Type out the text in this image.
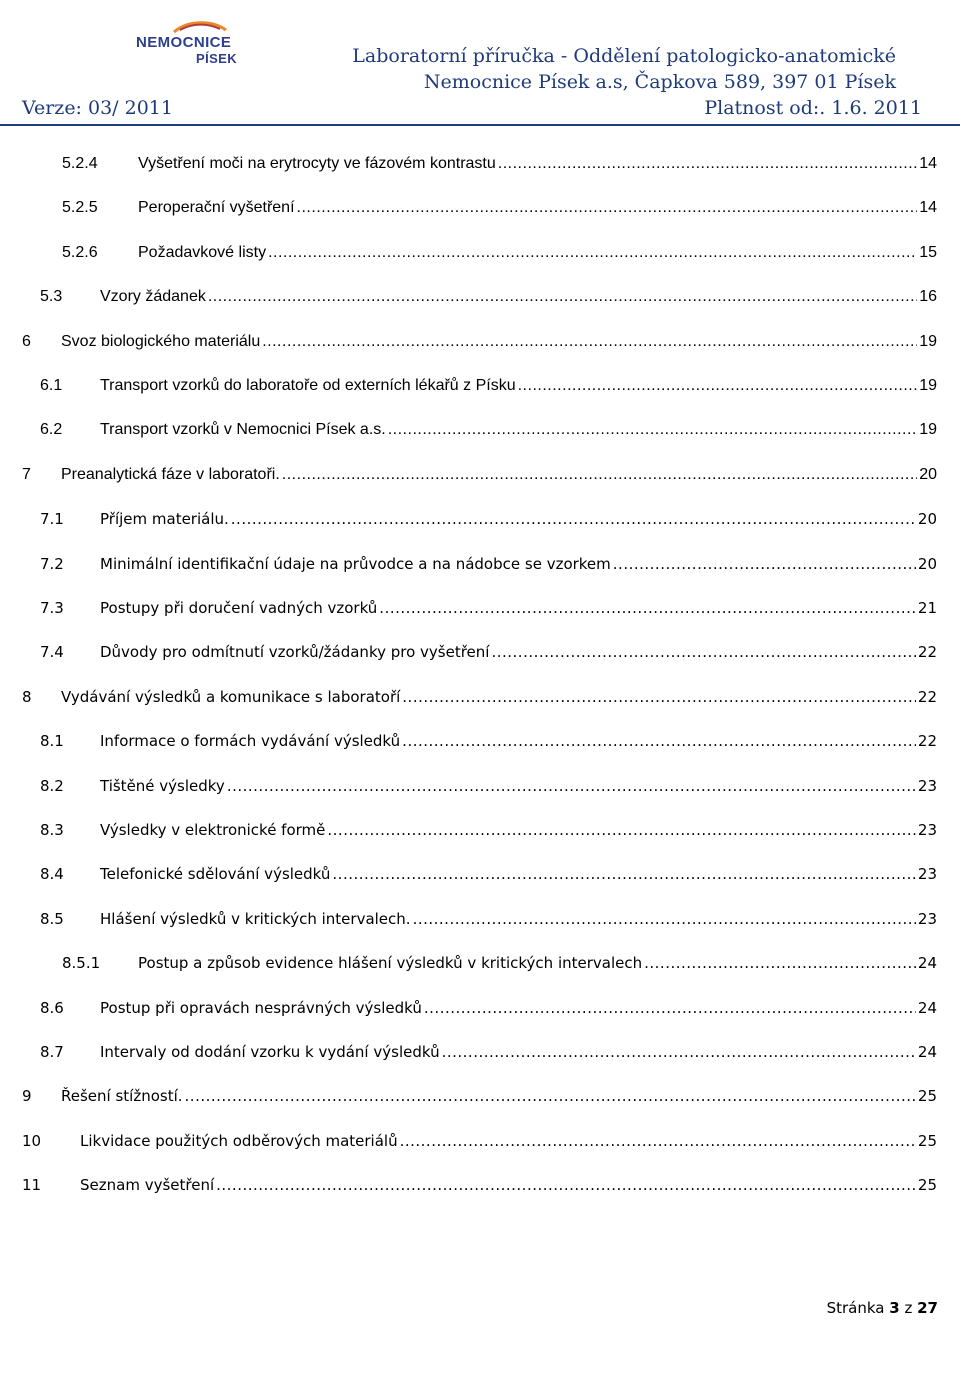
NEMOCNICE
PÍSEK	Laboratorní příručka - Oddělení patologicko-anatomické
Nemocnice Písek a.s, Čapkova 589, 397 01 Písek
Verze: 03/ 2011	Platnost od:. 1.6. 2011
5.2.4	Vyšetření moči na erytrocyty ve fázovém kontrastu .....	14
5.2.5	Peroperační vyšetření .....	14
5.2.6	Požadavkové listy .....	15
5.3	Vzory žádanek .....	16
6	Svoz biologického materiálu .....	19
6.1	Transport vzorků do laboratoře od externích lékařů z Písku .....	19
6.2	Transport vzorků v Nemocnici Písek a.s. .....	19
7	Preanalytická fáze v laboratoři. .....	20
7.1	Příjem materiálu. .....	20
7.2	Minimální identifikační údaje na průvodce a na nádobce se vzorkem .....	20
7.3	Postupy při doručení vadných vzorků .....	21
7.4	Důvody pro odmítnutí vzorků/žádanky pro vyšetření .....	22
8	Vydávání výsledků a komunikace s laboratoří .....	22
8.1	Informace o formách vydávání výsledků .....	22
8.2	Tištěné výsledky .....	23
8.3	Výsledky v elektronické formě .....	23
8.4	Telefonické sdělování výsledků .....	23
8.5	Hlášení výsledků v kritických intervalech. .....	23
8.5.1	Postup a způsob evidence hlášení výsledků v kritických intervalech .....	24
8.6	Postup při opravách nesprávných výsledků .....	24
8.7	Intervaly od dodání vzorku k vydání výsledků .....	24
9	Řešení stížností. .....	25
10	Likvidace použitých odběrových materiálů .....	25
11	Seznam vyšetření .....	25
Stránka 3 z 27
